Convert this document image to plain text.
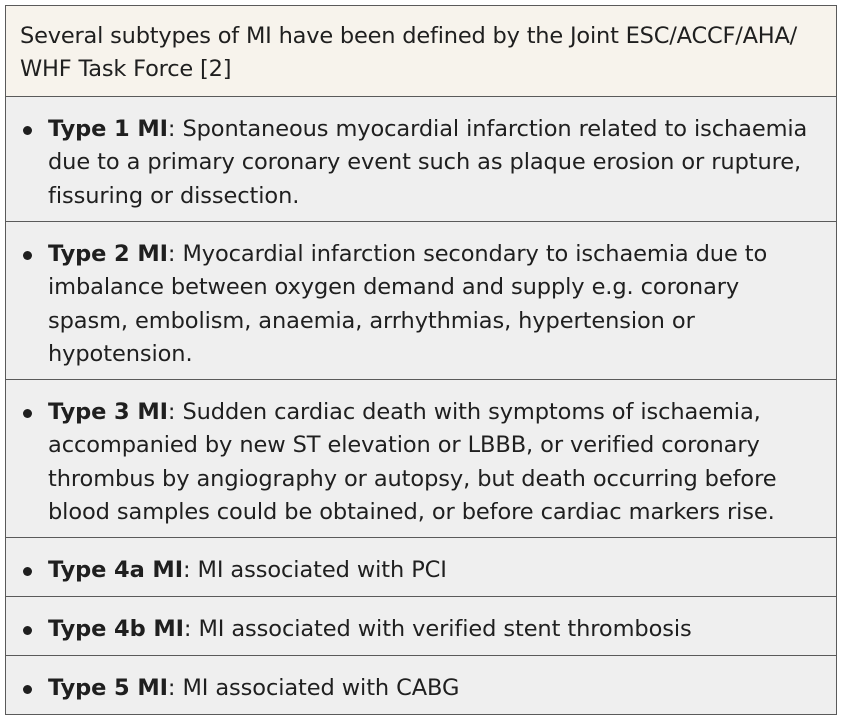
Several subtypes of MI have been defined by the Joint ESC/ACCF/AHA/ WHF Task Force [2]
Type 1 MI: Spontaneous myocardial infarction related to ischaemia due to a primary coronary event such as plaque erosion or rupture, fissuring or dissection.
Type 2 MI: Myocardial infarction secondary to ischaemia due to imbalance between oxygen demand and supply e.g. coronary spasm, embolism, anaemia, arrhythmias, hypertension or hypotension.
Type 3 MI: Sudden cardiac death with symptoms of ischaemia, accompanied by new ST elevation or LBBB, or verified coronary thrombus by angiography or autopsy, but death occurring before blood samples could be obtained, or before cardiac markers rise.
Type 4a MI: MI associated with PCI
Type 4b MI: MI associated with verified stent thrombosis
Type 5 MI: MI associated with CABG
